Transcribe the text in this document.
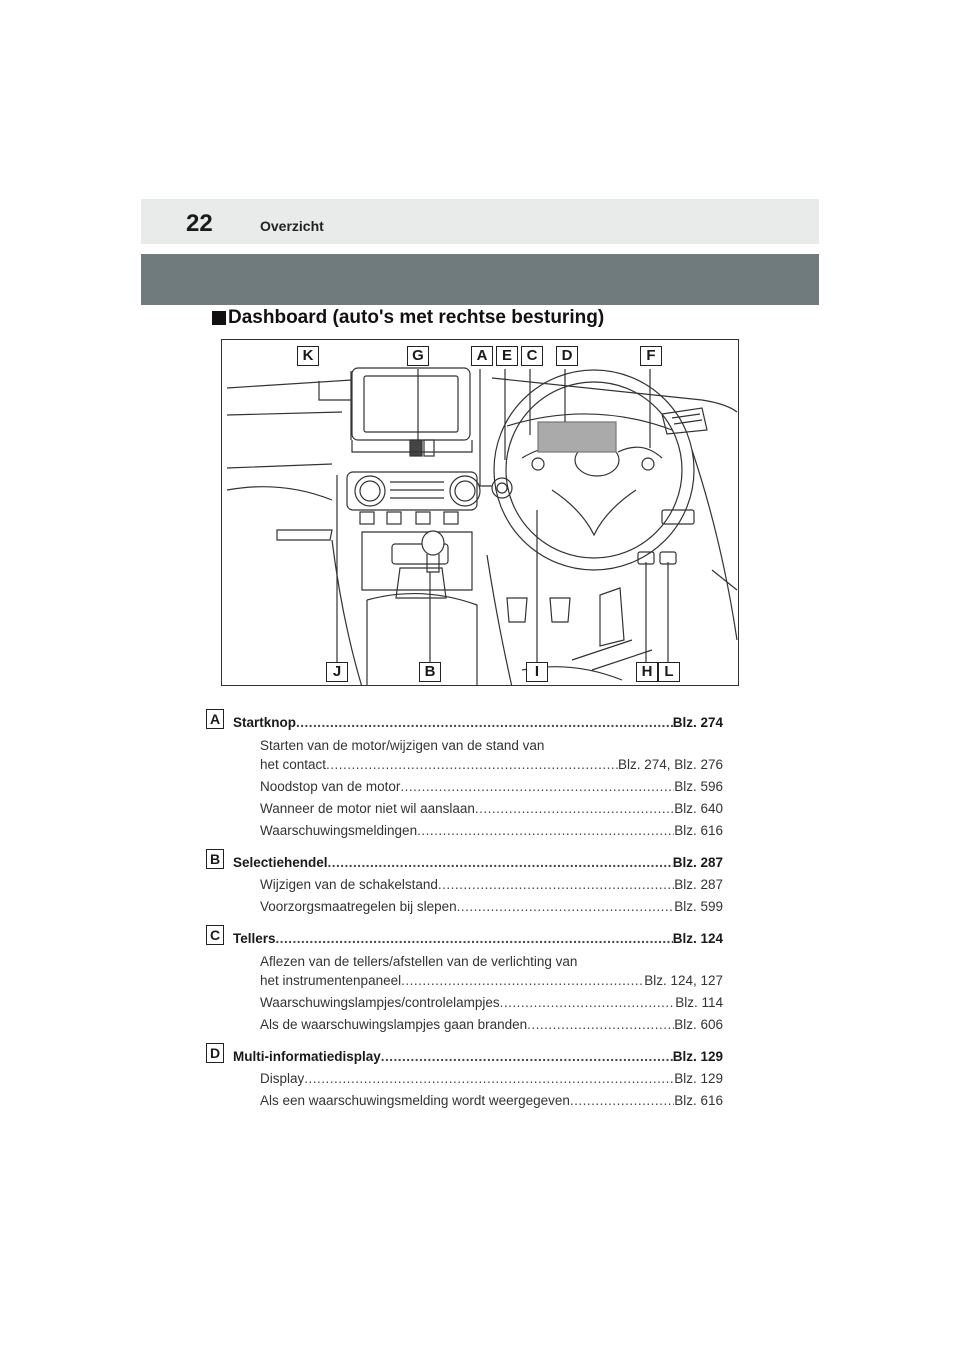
22	Overzicht
Dashboard (auto's met rechtse besturing)
K	G	A E C	D	F
J	B	I	H L
A Startknop .....	Blz. 274
Starten van de motor/wijzigen van de stand van
het contact .....	Blz. 274, Blz. 276
Noodstop van de motor .....	Blz. 596
Wanneer de motor niet wil aanslaan .....	Blz. 640
Waarschuwingsmeldingen .....	Blz. 616
B Selectiehendel .....	Blz. 287
Wijzigen van de schakelstand .....	Blz. 287
Voorzorgsmaatregelen bij slepen .....	Blz. 599
C Tellers .....	Blz. 124
Aflezen van de tellers/afstellen van de verlichting van
het instrumentenpaneel .....	Blz. 124, 127
Waarschuwingslampjes/controlelampjes .....	Blz. 114
Als de waarschuwingslampjes gaan branden .....	Blz. 606
D Multi-informatiedisplay .....	Blz. 129
Display .....	Blz. 129
Als een waarschuwingsmelding wordt weergegeven .....	Blz. 616
